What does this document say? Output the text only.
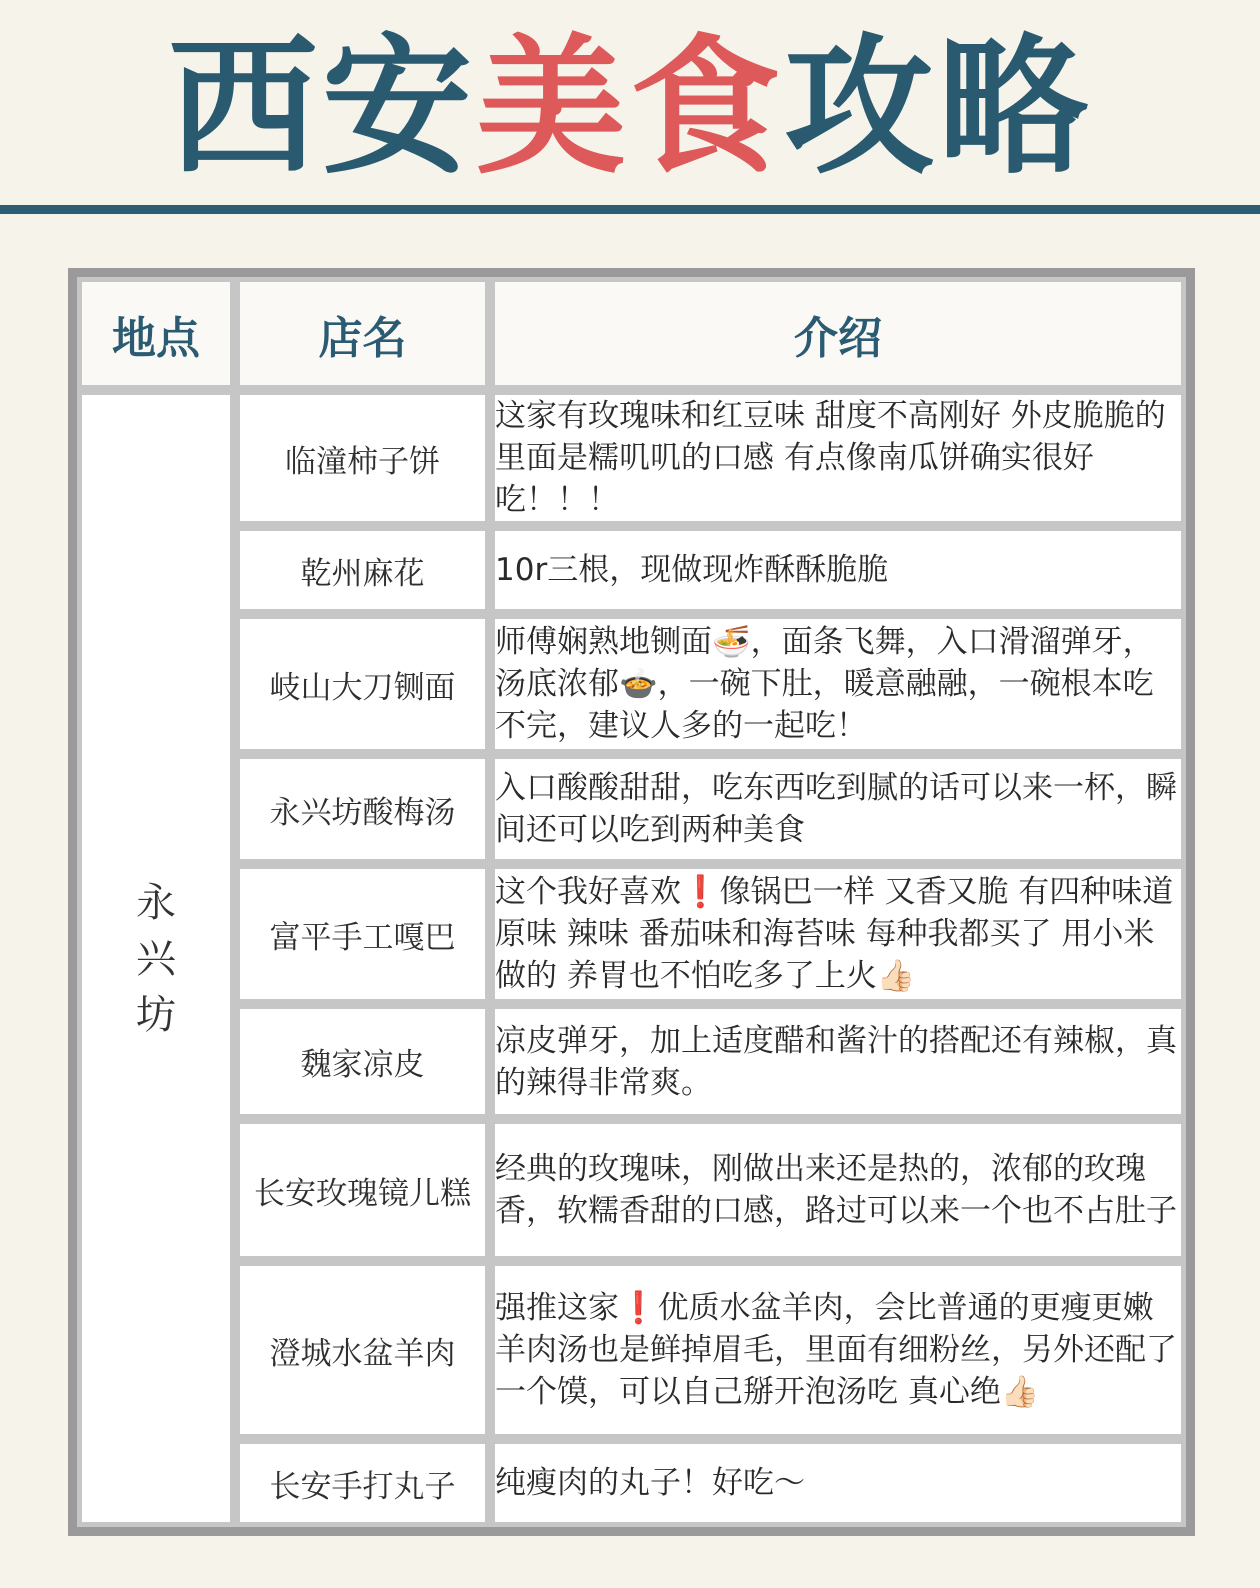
西安美食攻略
地点	店名	介绍
永兴坊	临潼柿子饼	这家有玫瑰味和红豆味 甜度不高刚好 外皮脆脆的 里面是糯叽叽的口感 有点像南瓜饼确实很好吃！！！
	乾州麻花	10r三根，现做现炸酥酥脆脆
	岐山大刀铡面	师傅娴熟地铡面🍜，面条飞舞，入口滑溜弹牙，汤底浓郁🍲，一碗下肚，暖意融融，一碗根本吃不完，建议人多的一起吃！
	永兴坊酸梅汤	入口酸酸甜甜，吃东西吃到腻的话可以来一杯，瞬间还可以吃到两种美食
	富平手工嘎巴	这个我好喜欢❗像锅巴一样 又香又脆 有四种味道 原味 辣味 番茄味和海苔味 每种我都买了 用小米做的 养胃也不怕吃多了上火👍🏻
	魏家凉皮	凉皮弹牙，加上适度醋和酱汁的搭配还有辣椒，真的辣得非常爽。
	长安玫瑰镜儿糕	经典的玫瑰味，刚做出来还是热的，浓郁的玫瑰香，软糯香甜的口感，路过可以来一个也不占肚子
	澄城水盆羊肉	强推这家❗优质水盆羊肉，会比普通的更瘦更嫩 羊肉汤也是鲜掉眉毛，里面有细粉丝，另外还配了一个馍，可以自己掰开泡汤吃 真心绝👍🏻
	长安手打丸子	纯瘦肉的丸子！好吃～
